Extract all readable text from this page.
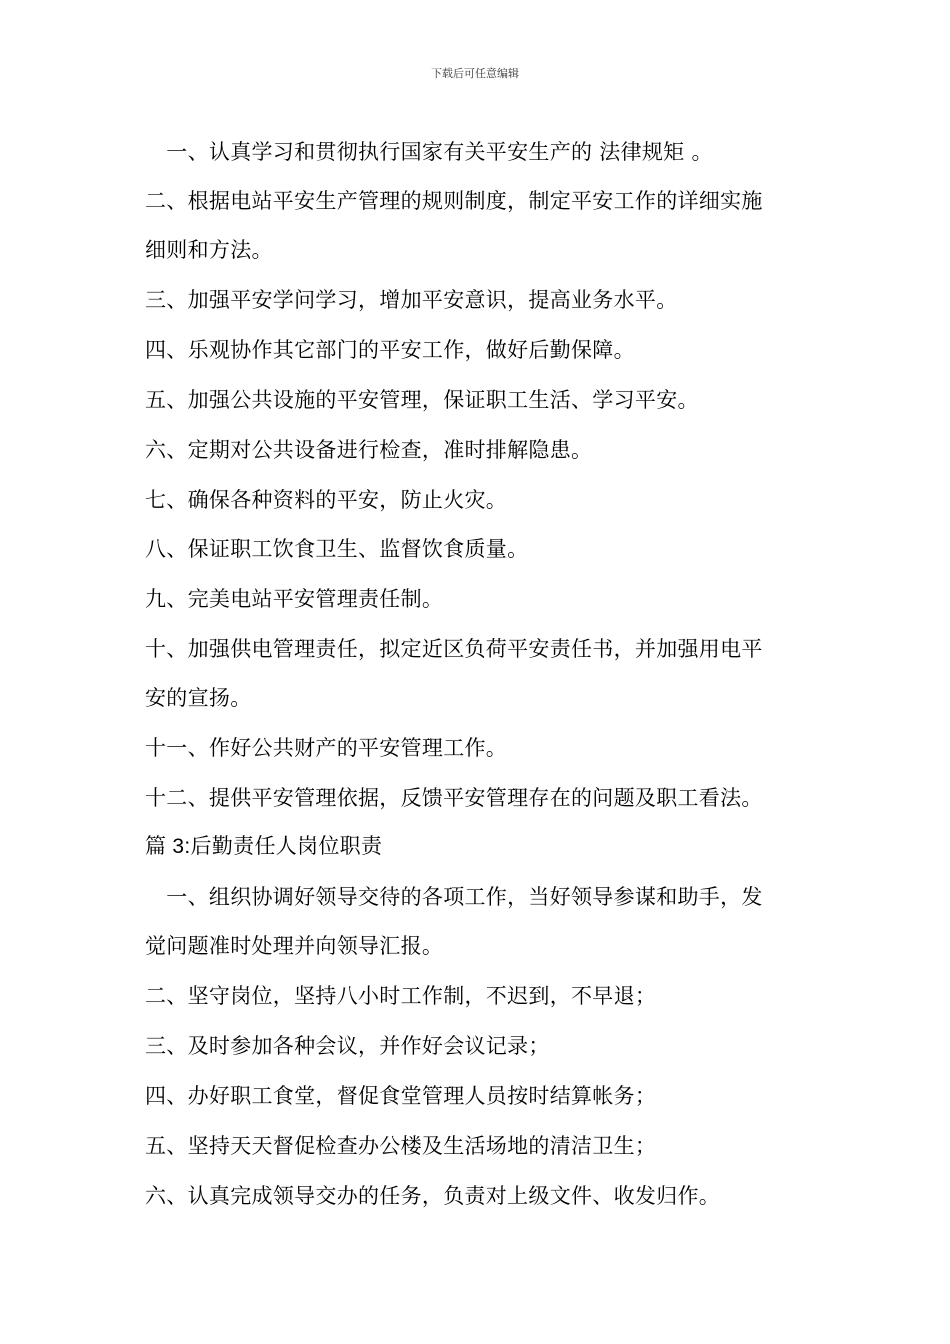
下载后可任意编辑
　一、认真学习和贯彻执行国家有关平安生产的 法律规矩 。
二、根据电站平安生产管理的规则制度，制定平安工作的详细实施
细则和方法。
三、加强平安学问学习，增加平安意识，提高业务水平。
四、乐观协作其它部门的平安工作，做好后勤保障。
五、加强公共设施的平安管理，保证职工生活、学习平安。
六、定期对公共设备进行检查，准时排解隐患。
七、确保各种资料的平安，防止火灾。
八、保证职工饮食卫生、监督饮食质量。
九、完美电站平安管理责任制。
十、加强供电管理责任，拟定近区负荷平安责任书，并加强用电平
安的宣扬。
十一、作好公共财产的平安管理工作。
十二、提供平安管理依据，反馈平安管理存在的问题及职工看法。
篇 3:后勤责任人岗位职责
　一、组织协调好领导交待的各项工作，当好领导参谋和助手，发
觉问题准时处理并向领导汇报。
二、坚守岗位，坚持八小时工作制，不迟到，不早退；
三、及时参加各种会议，并作好会议记录；
四、办好职工食堂，督促食堂管理人员按时结算帐务；
五、坚持天天督促检查办公楼及生活场地的清洁卫生；
六、认真完成领导交办的任务，负责对上级文件、收发归作。
